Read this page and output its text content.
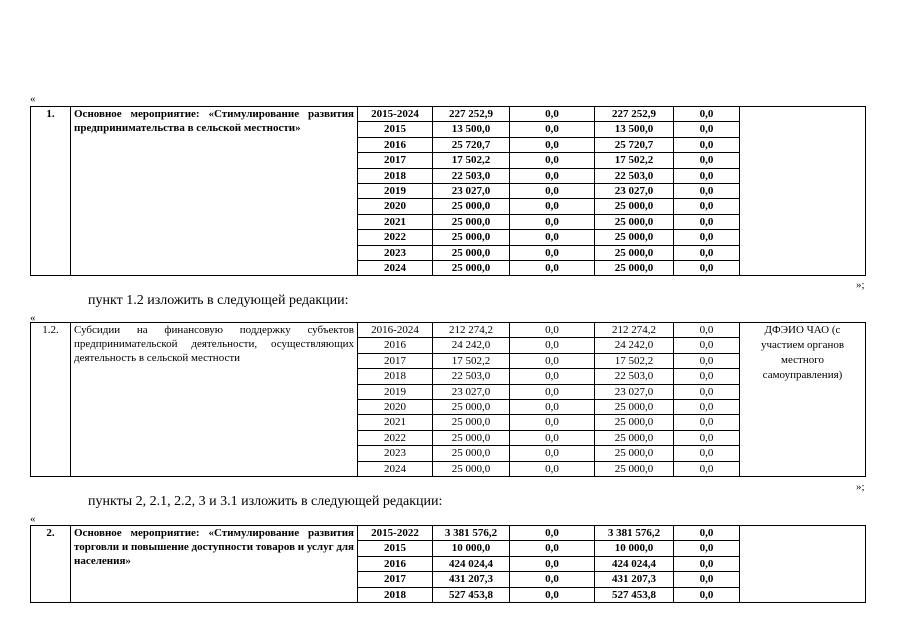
«
1.	Основное мероприятие: «Стимулирование развития предпринимательства в сельской местности»	2015-2024	227 252,9	0,0	227 252,9	0,0	
		2015	13 500,0	0,0	13 500,0	0,0	
		2016	25 720,7	0,0	25 720,7	0,0	
		2017	17 502,2	0,0	17 502,2	0,0	
		2018	22 503,0	0,0	22 503,0	0,0	
		2019	23 027,0	0,0	23 027,0	0,0	
		2020	25 000,0	0,0	25 000,0	0,0	
		2021	25 000,0	0,0	25 000,0	0,0	
		2022	25 000,0	0,0	25 000,0	0,0	
		2023	25 000,0	0,0	25 000,0	0,0	
		2024	25 000,0	0,0	25 000,0	0,0	
»;
пункт 1.2 изложить в следующей редакции:
«
1.2.	Субсидии на финансовую поддержку субъектов предпринимательской деятельности, осуществляющих деятельность в сельской местности	2016-2024	212 274,2	0,0	212 274,2	0,0	ДФЭИО ЧАО (с участием органов местного самоуправления)
		2016	24 242,0	0,0	24 242,0	0,0	
		2017	17 502,2	0,0	17 502,2	0,0	
		2018	22 503,0	0,0	22 503,0	0,0	
		2019	23 027,0	0,0	23 027,0	0,0	
		2020	25 000,0	0,0	25 000,0	0,0	
		2021	25 000,0	0,0	25 000,0	0,0	
		2022	25 000,0	0,0	25 000,0	0,0	
		2023	25 000,0	0,0	25 000,0	0,0	
		2024	25 000,0	0,0	25 000,0	0,0	
»;
пункты 2, 2.1, 2.2, 3 и 3.1 изложить в следующей редакции:
«
2.	Основное мероприятие: «Стимулирование развития торговли и повышение доступности товаров и услуг для населения»	2015-2022	3 381 576,2	0,0	3 381 576,2	0,0	
		2015	10 000,0	0,0	10 000,0	0,0	
		2016	424 024,4	0,0	424 024,4	0,0	
		2017	431 207,3	0,0	431 207,3	0,0	
		2018	527 453,8	0,0	527 453,8	0,0	
